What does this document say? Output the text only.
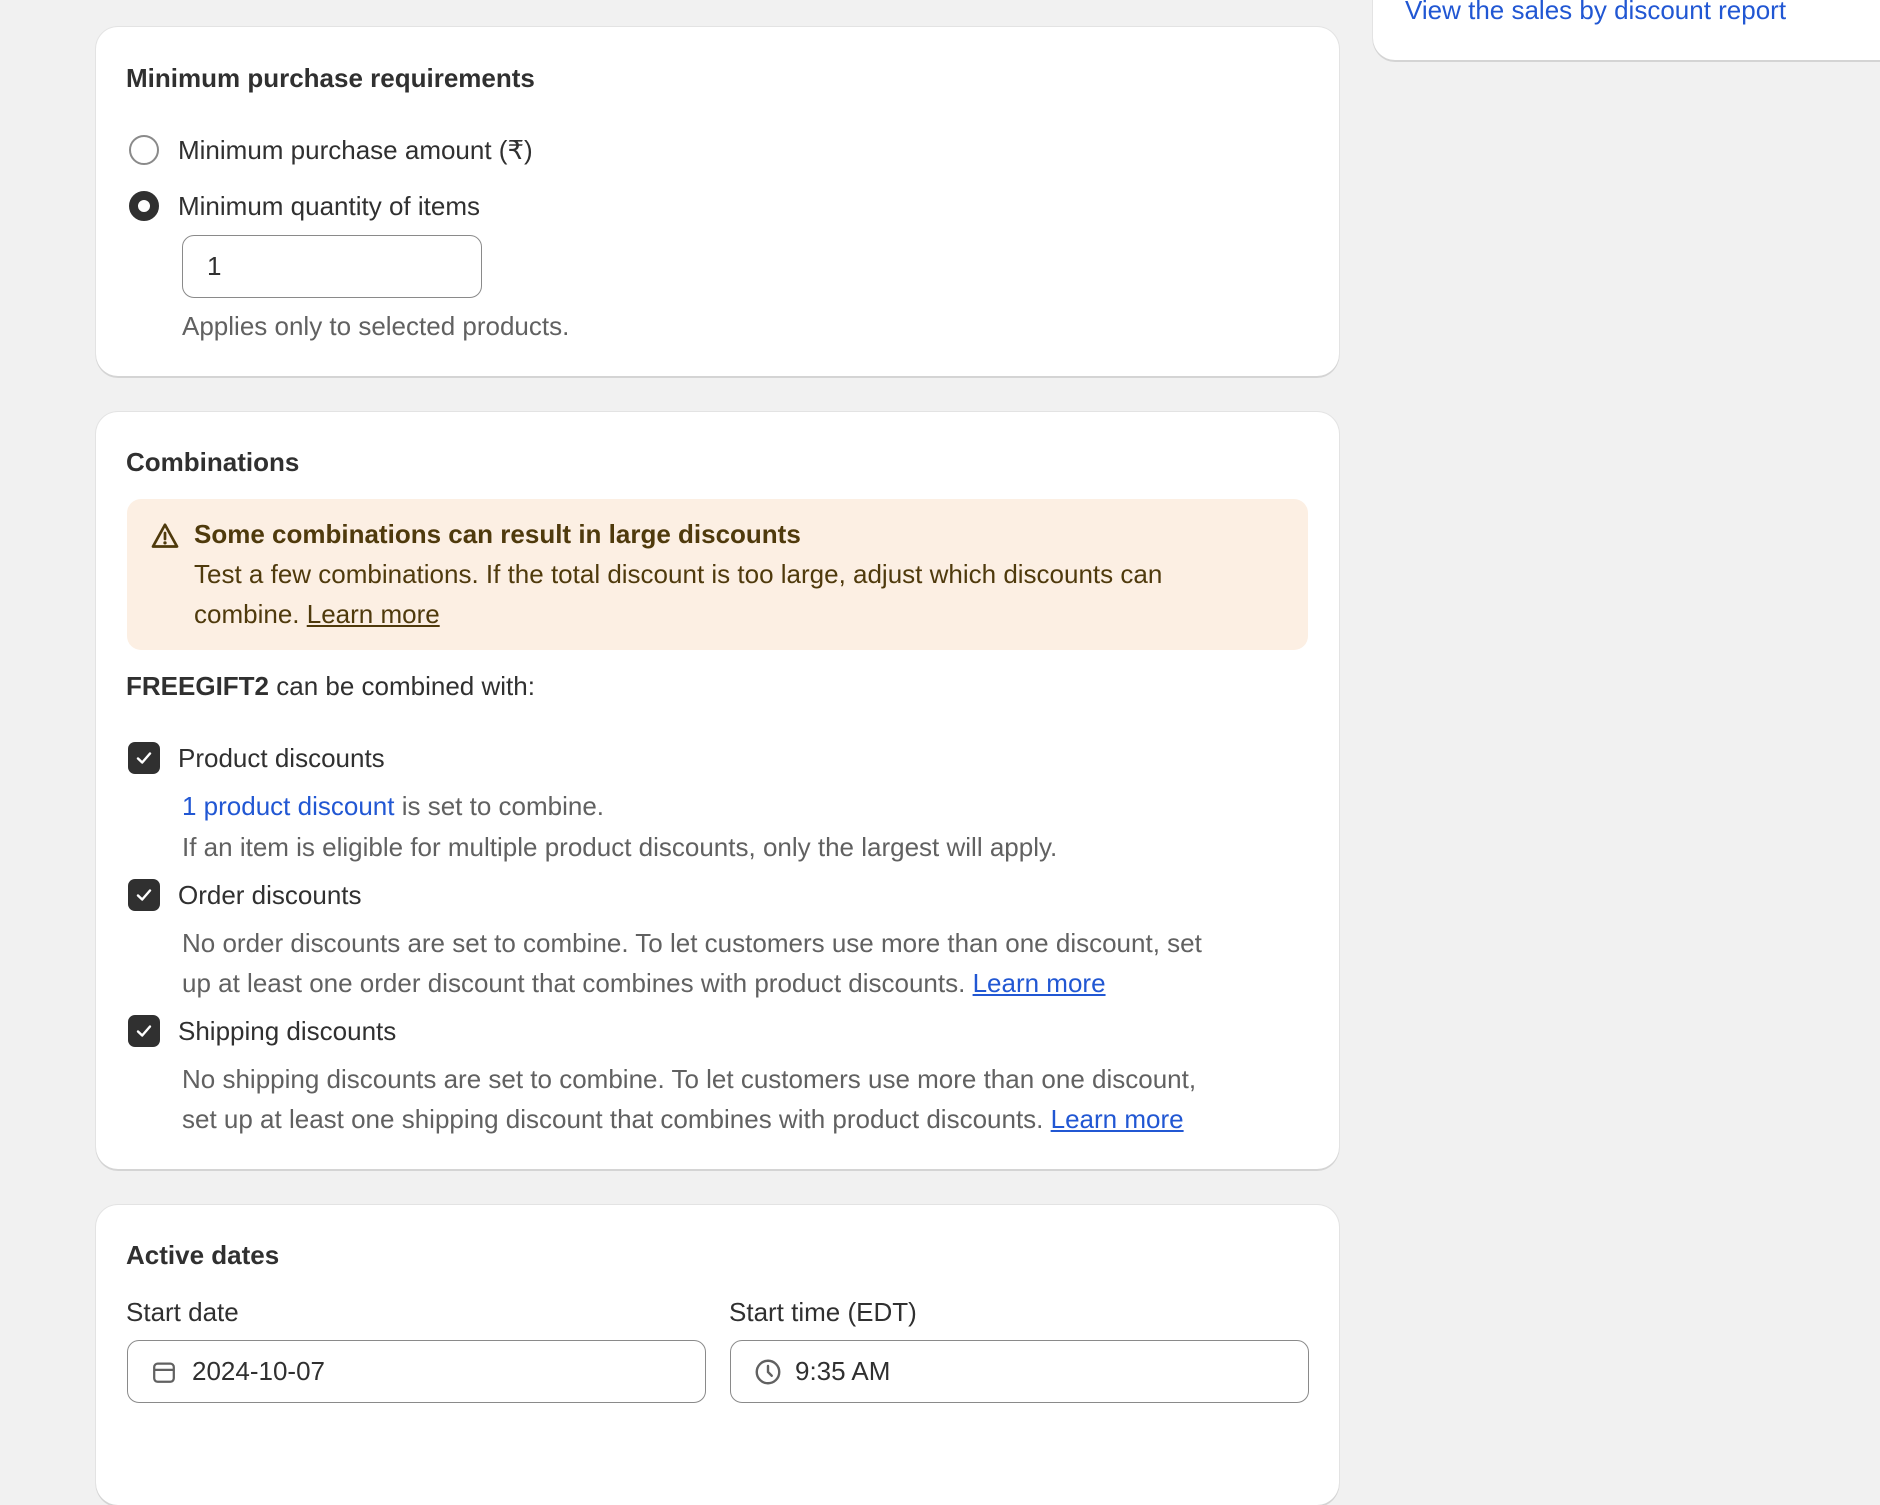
View the sales by discount report
Minimum purchase requirements
Minimum purchase amount (₹)
Minimum quantity of items
1
Applies only to selected products.
Combinations
Some combinations can result in large discounts
Test a few combinations. If the total discount is too large, adjust which discounts can
combine. Learn more
FREEGIFT2 can be combined with:
Product discounts
1 product discount is set to combine.
If an item is eligible for multiple product discounts, only the largest will apply.
Order discounts
No order discounts are set to combine. To let customers use more than one discount, set
up at least one order discount that combines with product discounts. Learn more
Shipping discounts
No shipping discounts are set to combine. To let customers use more than one discount,
set up at least one shipping discount that combines with product discounts. Learn more
Active dates
Start date	Start time (EDT)
2024-10-07	9:35 AM
